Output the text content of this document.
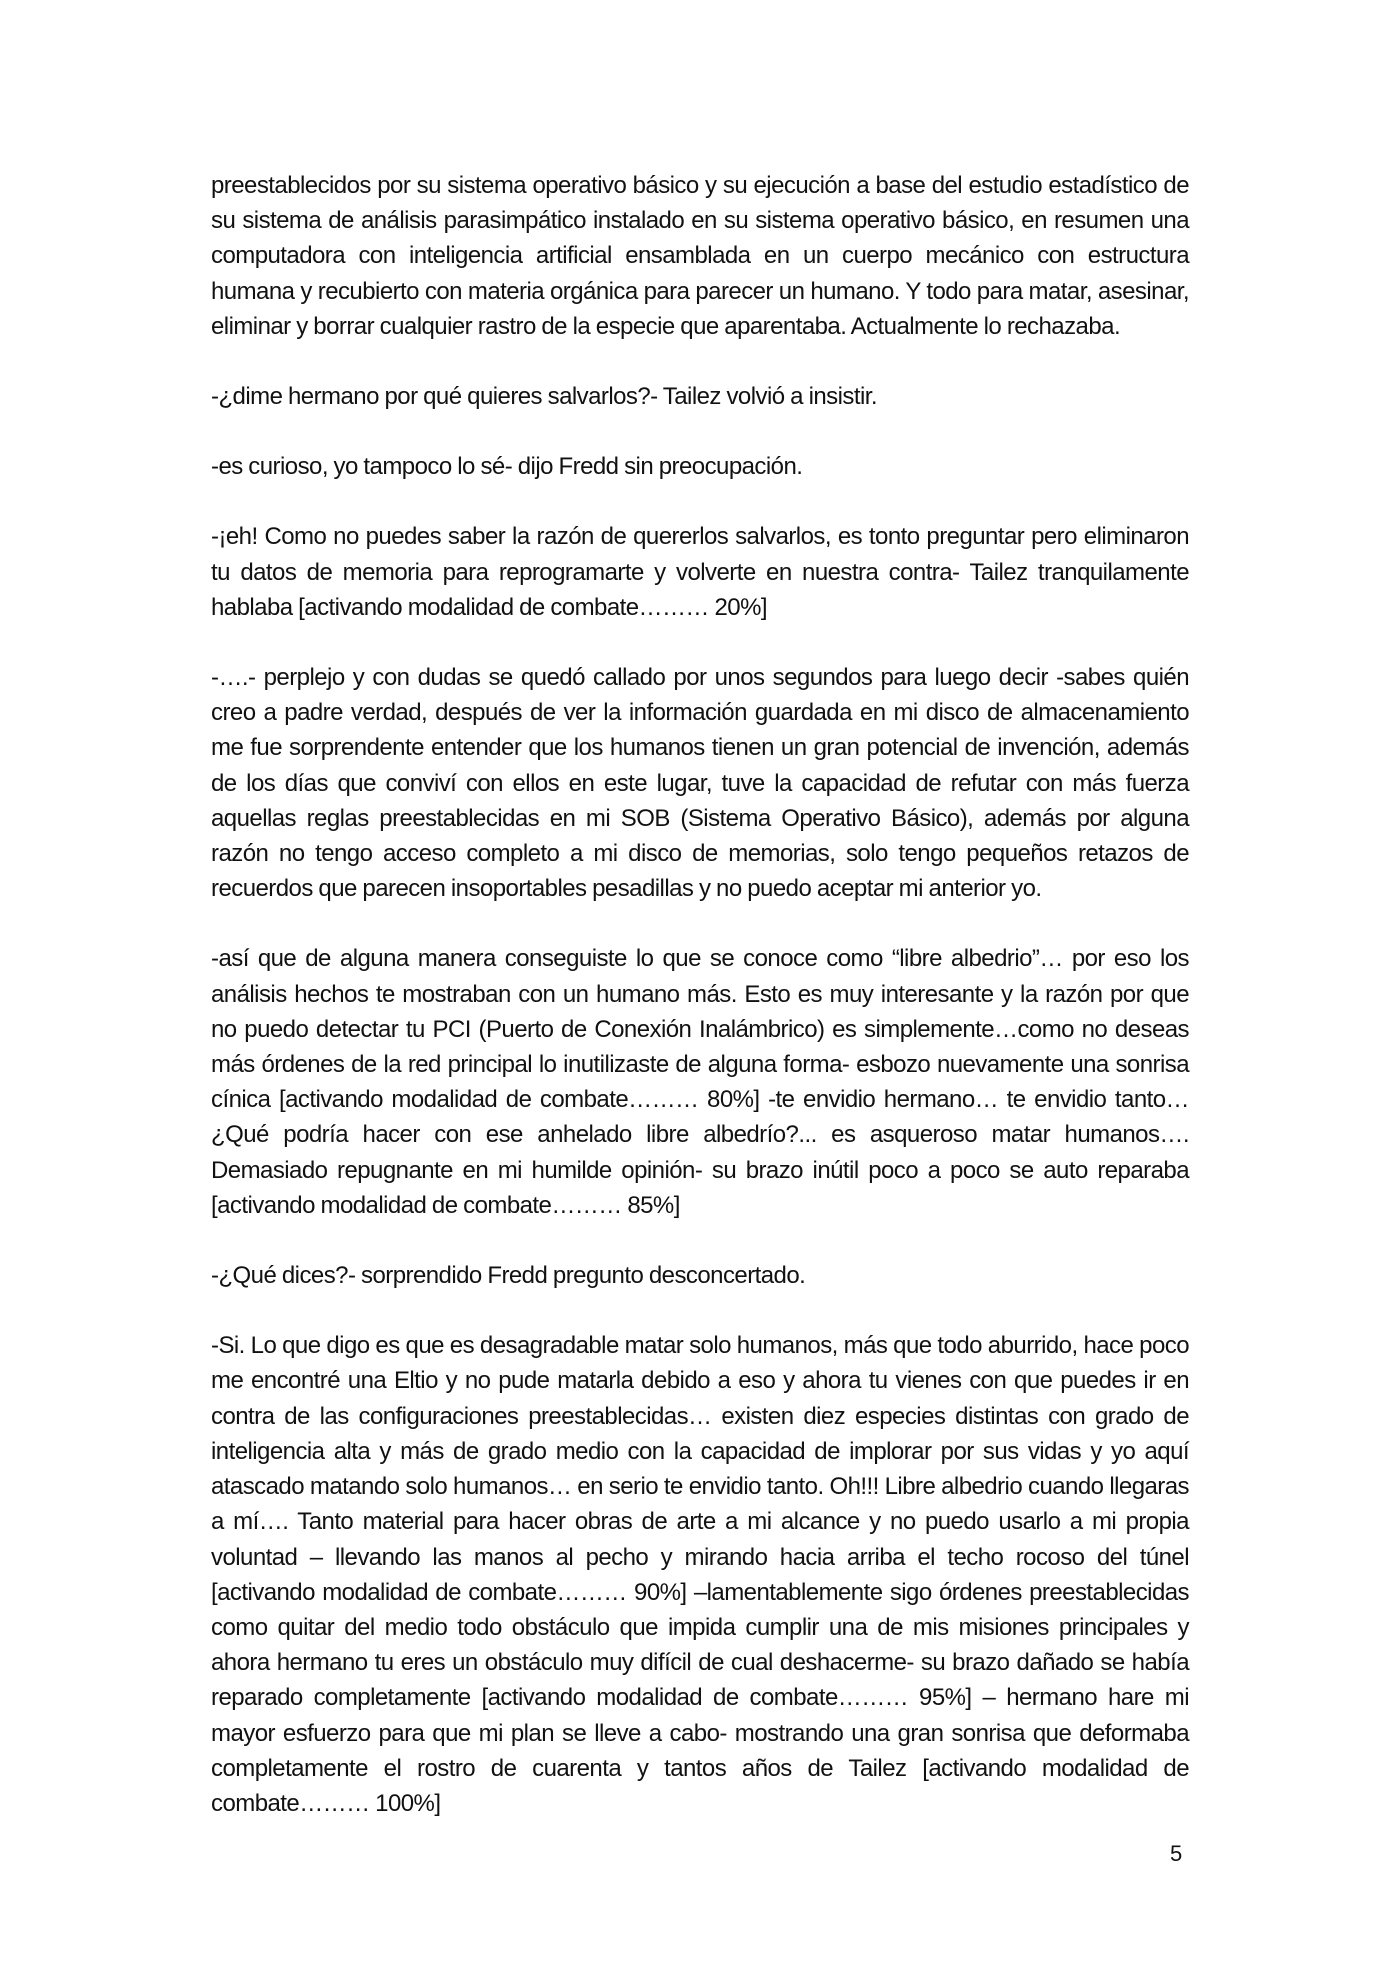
preestablecidos por su sistema operativo básico y su ejecución a base del estudio estadístico de su sistema de análisis parasimpático instalado en su sistema operativo básico, en resumen una computadora con inteligencia artificial ensamblada en un cuerpo mecánico con estructura humana y recubierto con materia orgánica para parecer un humano. Y todo para matar, asesinar, eliminar y borrar cualquier rastro de la especie que aparentaba. Actualmente lo rechazaba.

-¿dime hermano por qué quieres salvarlos?- Tailez volvió a insistir.

-es curioso, yo tampoco lo sé- dijo Fredd sin preocupación.

-¡eh! Como no puedes saber la razón de quererlos salvarlos, es tonto preguntar pero eliminaron tu datos de memoria para reprogramarte y volverte en nuestra contra- Tailez tranquilamente hablaba [activando modalidad de combate……… 20%]

-….- perplejo y con dudas se quedó callado por unos segundos para luego decir -sabes quién creo a padre verdad, después de ver la información guardada en mi disco de almacenamiento me fue sorprendente entender que los humanos tienen un gran potencial de invención, además de los días que conviví con ellos en este lugar, tuve la capacidad de refutar con más fuerza aquellas reglas preestablecidas en mi SOB (Sistema Operativo Básico), además por alguna razón no tengo acceso completo a mi disco de memorias, solo tengo pequeños retazos de recuerdos que parecen insoportables pesadillas y no puedo aceptar mi anterior yo.

-así que de alguna manera conseguiste lo que se conoce como “libre albedrio”… por eso los análisis hechos te mostraban con un humano más. Esto es muy interesante y la razón por que no puedo detectar tu PCI (Puerto de Conexión Inalámbrico) es simplemente…como no deseas más órdenes de la red principal lo inutilizaste de alguna forma- esbozo nuevamente una sonrisa cínica [activando modalidad de combate……… 80%] -te envidio hermano… te envidio tanto… ¿Qué podría hacer con ese anhelado libre albedrío?... es asqueroso matar humanos…. Demasiado repugnante en mi humilde opinión- su brazo inútil poco a poco se auto reparaba [activando modalidad de combate……… 85%]

-¿Qué dices?- sorprendido Fredd pregunto desconcertado.

-Si. Lo que digo es que es desagradable matar solo humanos, más que todo aburrido, hace poco me encontré una Eltio y no pude matarla debido a eso y ahora tu vienes con que puedes ir en contra de las configuraciones preestablecidas… existen diez especies distintas con grado de inteligencia alta y más de grado medio con la capacidad de implorar por sus vidas y yo aquí atascado matando solo humanos… en serio te envidio tanto. Oh!!! Libre albedrio cuando llegaras a mí…. Tanto material para hacer obras de arte a mi alcance y no puedo usarlo a mi propia voluntad – llevando las manos al pecho y mirando hacia arriba el techo rocoso del túnel [activando modalidad de combate……… 90%] –lamentablemente sigo órdenes preestablecidas como quitar del medio todo obstáculo que impida cumplir una de mis misiones principales y ahora hermano tu eres un obstáculo muy difícil de cual deshacerme- su brazo dañado se había reparado completamente [activando modalidad de combate……… 95%] – hermano hare mi mayor esfuerzo para que mi plan se lleve a cabo- mostrando una gran sonrisa que deformaba completamente el rostro de cuarenta y tantos años de Tailez [activando modalidad de combate……… 100%]

5
